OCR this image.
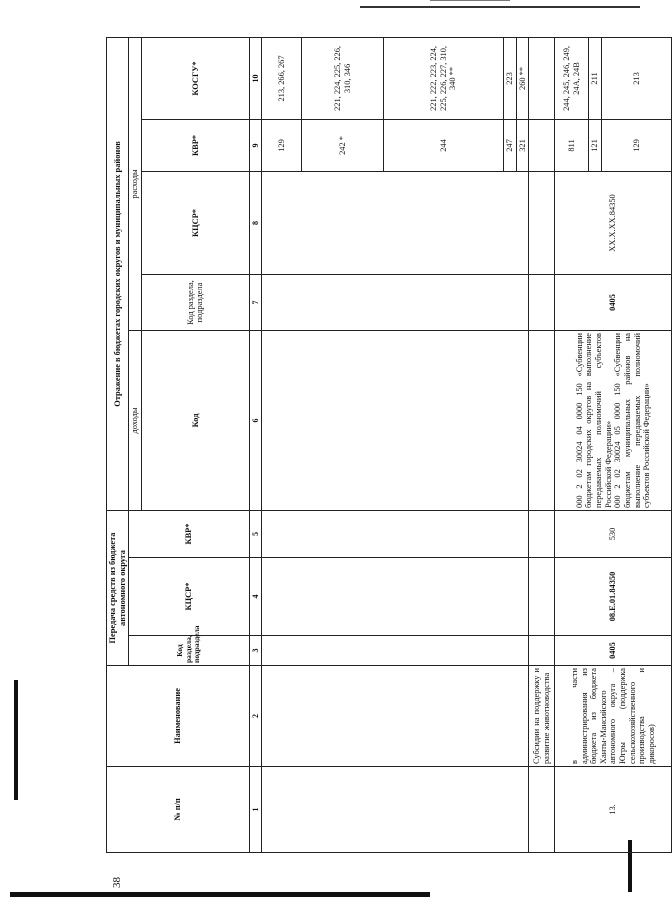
38
№ п/п	Наименование	Передача средств из бюджета автономного округа			Отражение в бюджетах городских округов и муниципальных районов				
		Код раздела, подраздела	КЦСР*	КВР*	доходы	расходы			
					Код	Код раздела, подраздела	КЦСР*	КВР*	КОСГУ*
1	2	3	4	5	6	7	8	9	10
								129	213, 266, 267
								242 *	221, 224, 225, 226, 310, 346
								244	221, 222, 223, 224, 225, 226, 227, 310, 340 **
								247	223
								321	260 **
	Субсидии на поддержку и развитие животноводства								
13.	в части администрирования из бюджета из бюджета Ханты-Мансийского автономного округа – Югры (поддержка сельскохозяйственного производства и дикоросов)	0405	08.Е.01.84350	530	000 2 02 30024 04 0000 150 «Субвенции бюджетам городских округов на выполнение передаваемых полномочий субъектов Российской Федерации» 000 2 02 30024 05 0000 150 «Субвенции бюджетам муниципальных районов на выполнение передаваемых полномочий субъектов Российской Федерации»	0405	XX.X.XX.84350	811	244, 245, 246, 249, 24А, 24В
								121	211
								129	213
